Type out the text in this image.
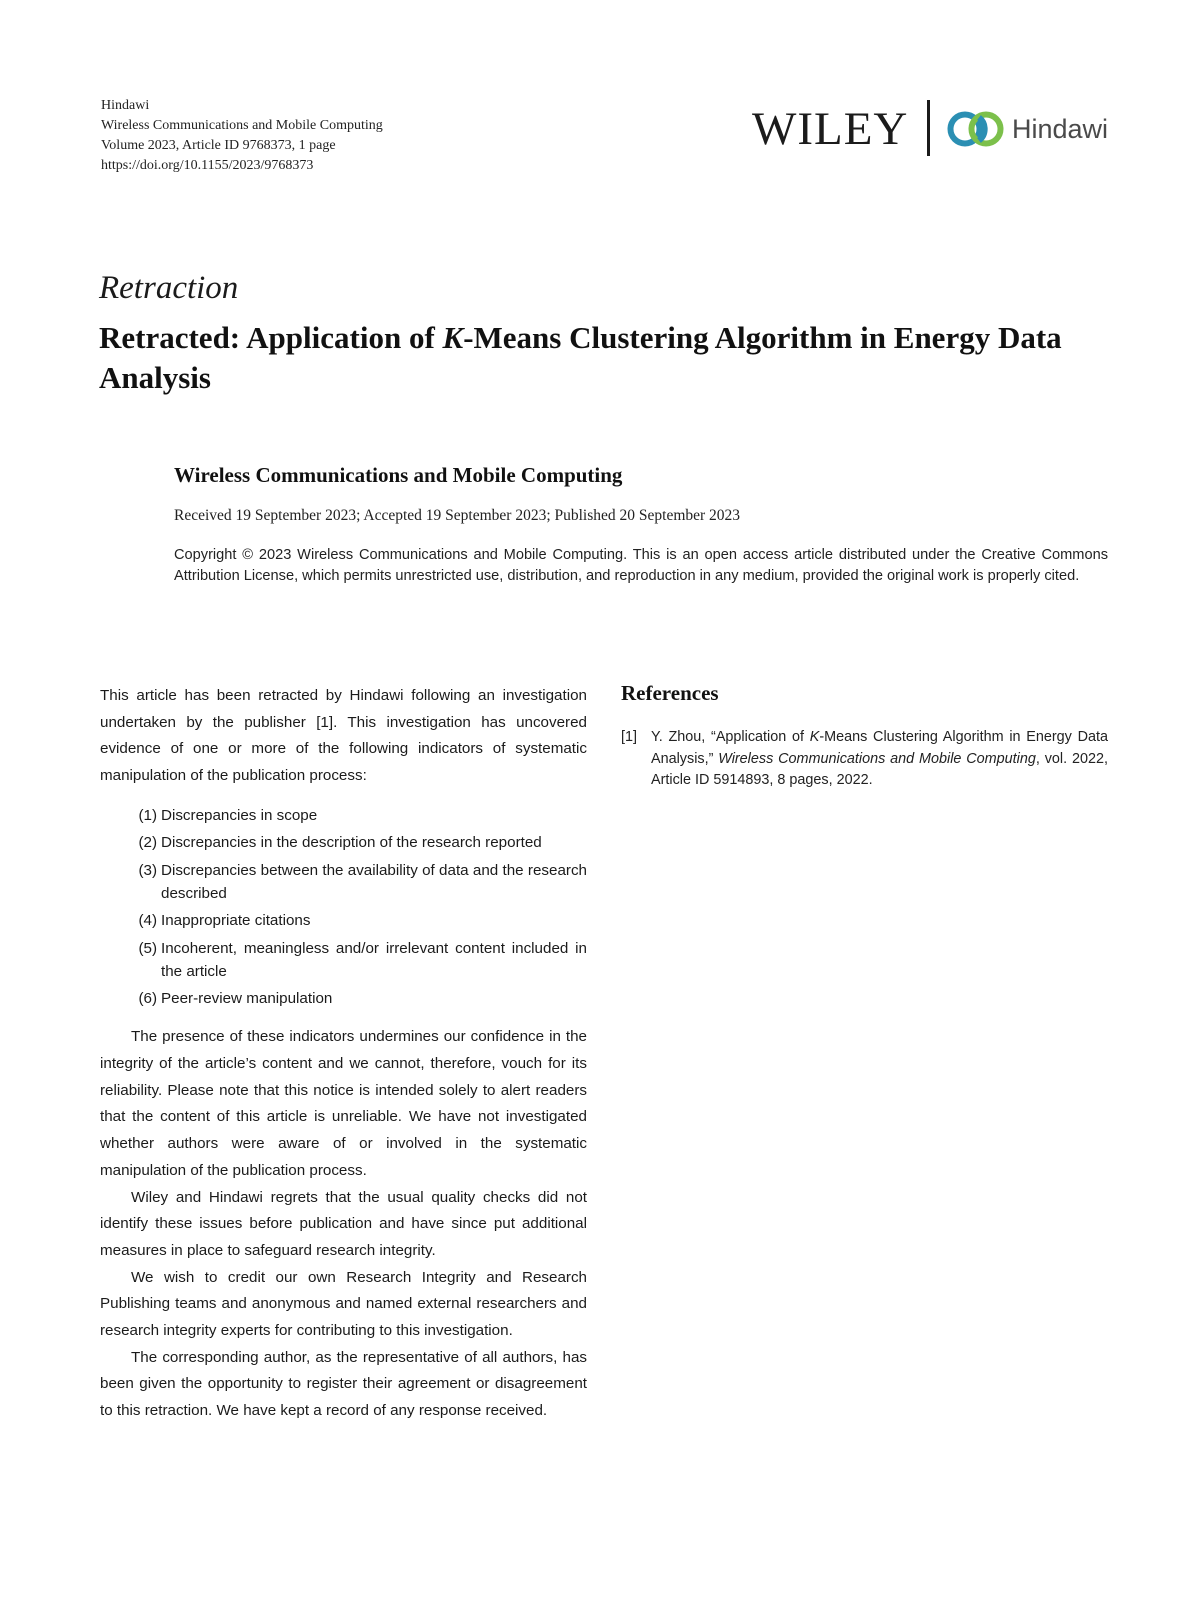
Hindawi
Wireless Communications and Mobile Computing
Volume 2023, Article ID 9768373, 1 page
https://doi.org/10.1155/2023/9768373
WILEY	Hindawi
Retraction
Retracted: Application of K-Means Clustering Algorithm in Energy Data Analysis
Wireless Communications and Mobile Computing
Received 19 September 2023; Accepted 19 September 2023; Published 20 September 2023
Copyright © 2023 Wireless Communications and Mobile Computing. This is an open access article distributed under the Creative Commons Attribution License, which permits unrestricted use, distribution, and reproduction in any medium, provided the original work is properly cited.

This article has been retracted by Hindawi following an investigation undertaken by the publisher [1]. This investigation has uncovered evidence of one or more of the following indicators of systematic manipulation of the publication process:

(1) Discrepancies in scope
(2) Discrepancies in the description of the research reported
(3) Discrepancies between the availability of data and the research described
(4) Inappropriate citations
(5) Incoherent, meaningless and/or irrelevant content included in the article
(6) Peer-review manipulation

The presence of these indicators undermines our confidence in the integrity of the article’s content and we cannot, therefore, vouch for its reliability. Please note that this notice is intended solely to alert readers that the content of this article is unreliable. We have not investigated whether authors were aware of or involved in the systematic manipulation of the publication process.

Wiley and Hindawi regrets that the usual quality checks did not identify these issues before publication and have since put additional measures in place to safeguard research integrity.

We wish to credit our own Research Integrity and Research Publishing teams and anonymous and named external researchers and research integrity experts for contributing to this investigation.

The corresponding author, as the representative of all authors, has been given the opportunity to register their agreement or disagreement to this retraction. We have kept a record of any response received.

References
[1] Y. Zhou, “Application of K-Means Clustering Algorithm in Energy Data Analysis,” Wireless Communications and Mobile Computing, vol. 2022, Article ID 5914893, 8 pages, 2022.
